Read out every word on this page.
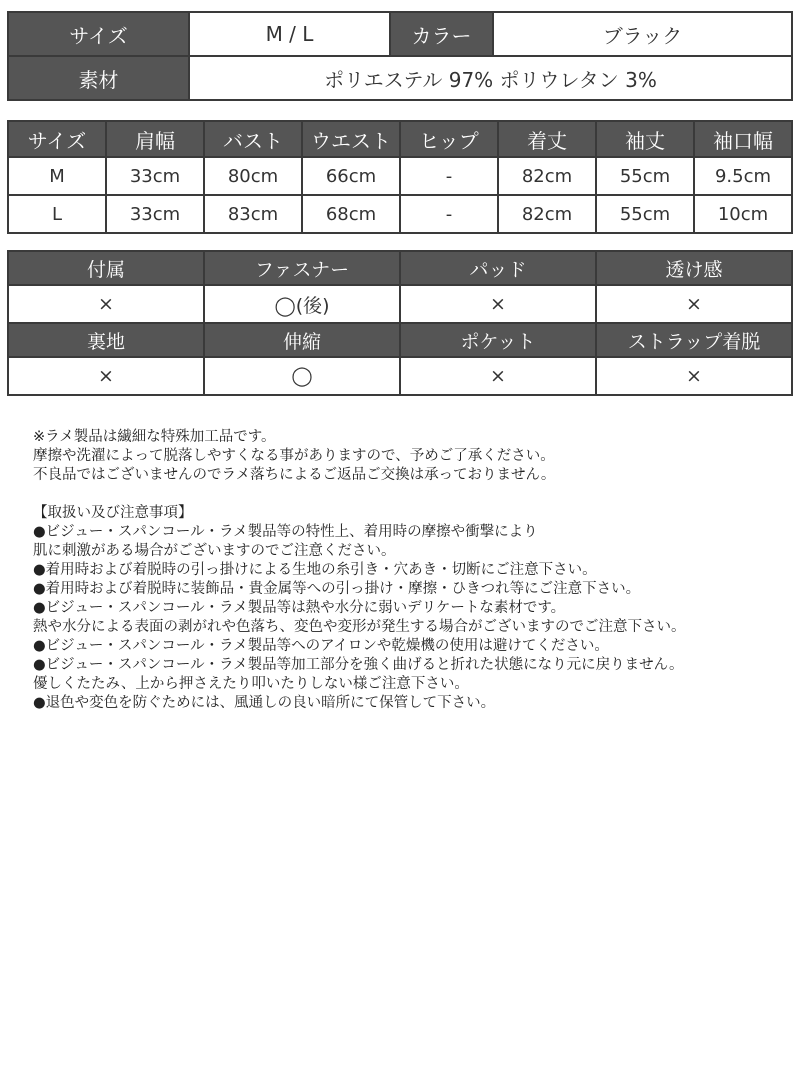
サイズ	M / L	カラー	ブラック
素材	ポリエステル 97% ポリウレタン 3%		
サイズ	肩幅	バスト	ウエスト	ヒップ	着丈	袖丈	袖口幅
M	33cm	80cm	66cm	-	82cm	55cm	9.5cm
L	33cm	83cm	68cm	-	82cm	55cm	10cm
付属	ファスナー	パッド	透け感
×	◯(後)	×	×
裏地	伸縮	ポケット	ストラップ着脱
×	◯	×	×
※ラメ製品は繊細な特殊加工品です。
摩擦や洗濯によって脱落しやすくなる事がありますので、予めご了承ください。
不良品ではございませんのでラメ落ちによるご返品ご交換は承っておりません。
【取扱い及び注意事項】
●ビジュー・スパンコール・ラメ製品等の特性上、着用時の摩擦や衝撃により
肌に刺激がある場合がございますのでご注意ください。
●着用時および着脱時の引っ掛けによる生地の糸引き・穴あき・切断にご注意下さい。
●着用時および着脱時に装飾品・貴金属等への引っ掛け・摩擦・ひきつれ等にご注意下さい。
●ビジュー・スパンコール・ラメ製品等は熱や水分に弱いデリケートな素材です。
熱や水分による表面の剥がれや色落ち、変色や変形が発生する場合がございますのでご注意下さい。
●ビジュー・スパンコール・ラメ製品等へのアイロンや乾燥機の使用は避けてください。
●ビジュー・スパンコール・ラメ製品等加工部分を強く曲げると折れた状態になり元に戻りません。
優しくたたみ、上から押さえたり叩いたりしない様ご注意下さい。
●退色や変色を防ぐためには、風通しの良い暗所にて保管して下さい。
